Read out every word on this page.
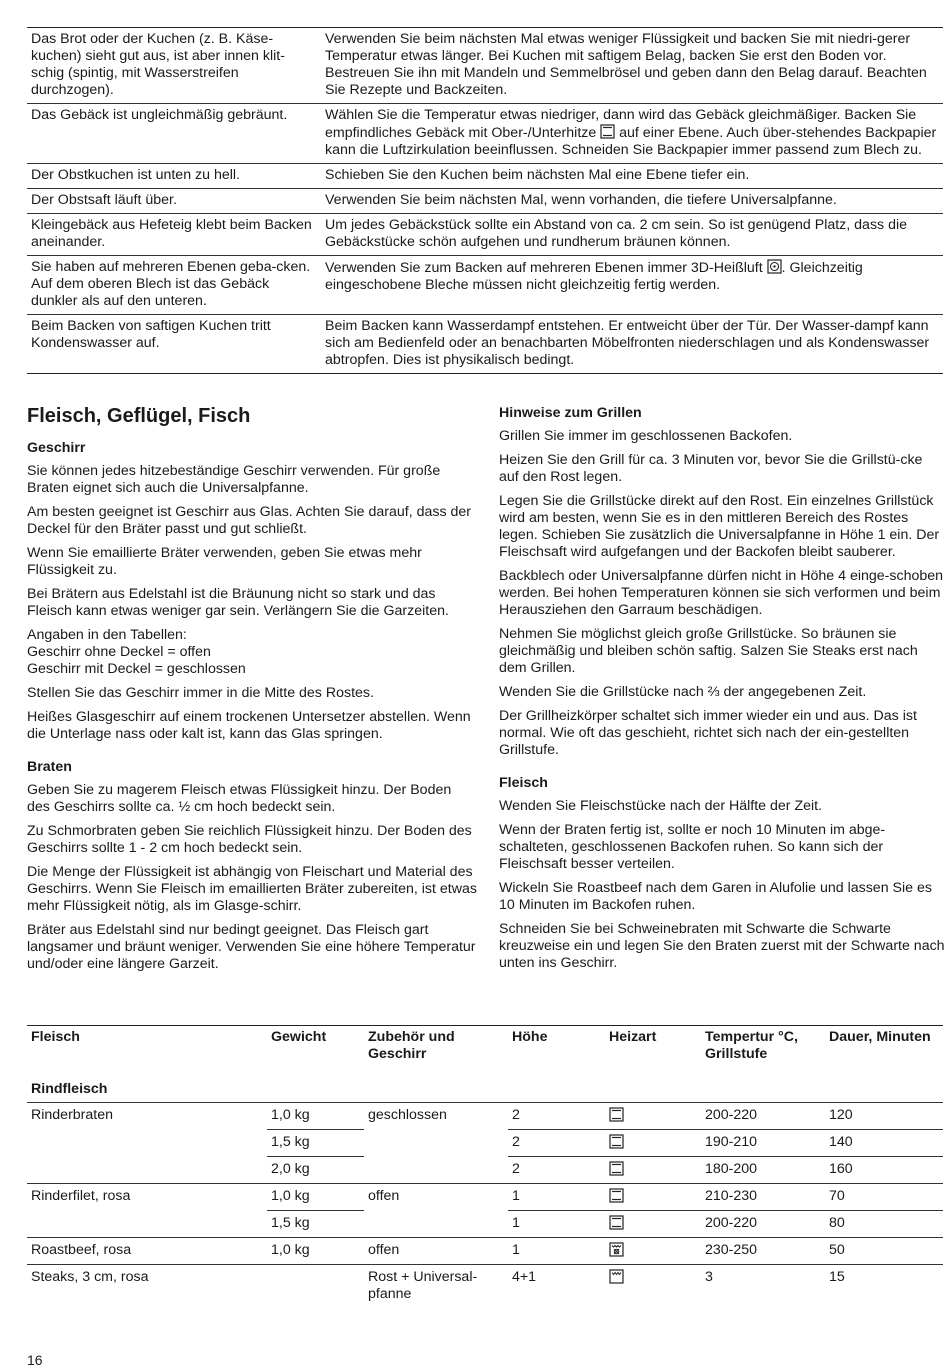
Das Brot oder der Kuchen (z. B. Käse-kuchen) sieht gut aus, ist aber innen klit-schig (spintig, mit Wasserstreifen durchzogen).	Verwenden Sie beim nächsten Mal etwas weniger Flüssigkeit und backen Sie mit niedri-gerer Temperatur etwas länger. Bei Kuchen mit saftigem Belag, backen Sie erst den Boden vor. Bestreuen Sie ihn mit Mandeln und Semmelbrösel und geben dann den Belag darauf. Beachten Sie Rezepte und Backzeiten.
Das Gebäck ist ungleichmäßig gebräunt.	Wählen Sie die Temperatur etwas niedriger, dann wird das Gebäck gleichmäßiger. Backen Sie empfindliches Gebäck mit Ober-/Unterhitze  auf einer Ebene. Auch über-stehendes Backpapier kann die Luftzirkulation beeinflussen. Schneiden Sie Backpapier immer passend zum Blech zu.
Der Obstkuchen ist unten zu hell.	Schieben Sie den Kuchen beim nächsten Mal eine Ebene tiefer ein.
Der Obstsaft läuft über.	Verwenden Sie beim nächsten Mal, wenn vorhanden, die tiefere Universalpfanne.
Kleingebäck aus Hefeteig klebt beim Backen aneinander.	Um jedes Gebäckstück sollte ein Abstand von ca. 2 cm sein. So ist genügend Platz, dass die Gebäckstücke schön aufgehen und rundherum bräunen können.
Sie haben auf mehreren Ebenen geba-cken. Auf dem oberen Blech ist das Gebäck dunkler als auf den unteren.	Verwenden Sie zum Backen auf mehreren Ebenen immer 3D-Heißluft . Gleichzeitig eingeschobene Bleche müssen nicht gleichzeitig fertig werden.
Beim Backen von saftigen Kuchen tritt Kondenswasser auf.	Beim Backen kann Wasserdampf entstehen. Er entweicht über der Tür. Der Wasser-dampf kann sich am Bedienfeld oder an benachbarten Möbelfronten niederschlagen und als Kondenswasser abtropfen. Dies ist physikalisch bedingt.
Fleisch, Geflügel, Fisch
Geschirr

Sie können jedes hitzebeständige Geschirr verwenden. Für große Braten eignet sich auch die Universalpfanne.

Am besten geeignet ist Geschirr aus Glas. Achten Sie darauf, dass der Deckel für den Bräter passt und gut schließt.

Wenn Sie emaillierte Bräter verwenden, geben Sie etwas mehr Flüssigkeit zu.

Bei Brätern aus Edelstahl ist die Bräunung nicht so stark und das Fleisch kann etwas weniger gar sein. Verlängern Sie die Garzeiten.

Angaben in den Tabellen:
Geschirr ohne Deckel = offen
Geschirr mit Deckel = geschlossen

Stellen Sie das Geschirr immer in die Mitte des Rostes.

Heißes Glasgeschirr auf einem trockenen Untersetzer abstellen. Wenn die Unterlage nass oder kalt ist, kann das Glas springen.

Braten

Geben Sie zu magerem Fleisch etwas Flüssigkeit hinzu. Der Boden des Geschirrs sollte ca. ½ cm hoch bedeckt sein.

Zu Schmorbraten geben Sie reichlich Flüssigkeit hinzu. Der Boden des Geschirrs sollte 1 - 2 cm hoch bedeckt sein.

Die Menge der Flüssigkeit ist abhängig von Fleischart und Material des Geschirrs. Wenn Sie Fleisch im emaillierten Bräter zubereiten, ist etwas mehr Flüssigkeit nötig, als im Glasge-schirr.

Bräter aus Edelstahl sind nur bedingt geeignet. Das Fleisch gart langsamer und bräunt weniger. Verwenden Sie eine höhere Temperatur und/oder eine längere Garzeit.

Hinweise zum Grillen

Grillen Sie immer im geschlossenen Backofen.

Heizen Sie den Grill für ca. 3 Minuten vor, bevor Sie die Grillstü-cke auf den Rost legen.

Legen Sie die Grillstücke direkt auf den Rost. Ein einzelnes Grillstück wird am besten, wenn Sie es in den mittleren Bereich des Rostes legen. Schieben Sie zusätzlich die Universalpfanne in Höhe 1 ein. Der Fleischsaft wird aufgefangen und der Backofen bleibt sauberer.

Backblech oder Universalpfanne dürfen nicht in Höhe 4 einge-schoben werden. Bei hohen Temperaturen können sie sich verformen und beim Herausziehen den Garraum beschädigen.

Nehmen Sie möglichst gleich große Grillstücke. So bräunen sie gleichmäßig und bleiben schön saftig. Salzen Sie Steaks erst nach dem Grillen.

Wenden Sie die Grillstücke nach ⅔ der angegebenen Zeit.

Der Grillheizkörper schaltet sich immer wieder ein und aus. Das ist normal. Wie oft das geschieht, richtet sich nach der ein-gestellten Grillstufe.

Fleisch

Wenden Sie Fleischstücke nach der Hälfte der Zeit.

Wenn der Braten fertig ist, sollte er noch 10 Minuten im abge-schalteten, geschlossenen Backofen ruhen. So kann sich der Fleischsaft besser verteilen.

Wickeln Sie Roastbeef nach dem Garen in Alufolie und lassen Sie es 10 Minuten im Backofen ruhen.

Schneiden Sie bei Schweinebraten mit Schwarte die Schwarte kreuzweise ein und legen Sie den Braten zuerst mit der Schwarte nach unten ins Geschirr.

Fleisch	Gewicht	Zubehör und Geschirr	Höhe	Heizart	Tempertur °C, Grillstufe	Dauer, Minuten
Rindfleisch						
Rinderbraten	1,0 kg	geschlossen	2		200-220	120
	1,5 kg		2		190-210	140
	2,0 kg		2		180-200	160
Rinderfilet, rosa	1,0 kg	offen	1		210-230	70
	1,5 kg		1		200-220	80
Roastbeef, rosa	1,0 kg	offen	1		230-250	50
Steaks, 3 cm, rosa		Rost + Universal-pfanne	4+1		3	15
16
